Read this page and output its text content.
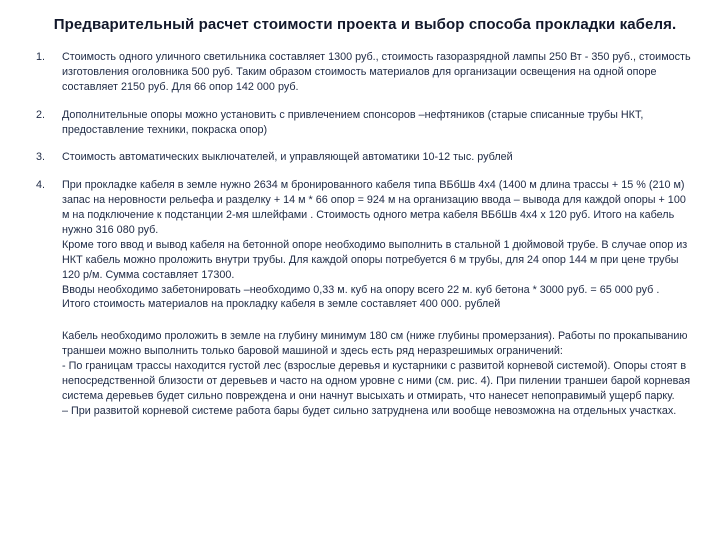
Предварительный расчет стоимости проекта и выбор способа прокладки кабеля.
1.	Стоимость одного уличного светильника составляет 1300 руб., стоимость газоразрядной лампы 250 Вт - 350 руб., стоимость изготовления оголовника 500 руб. Таким образом стоимость материалов для организации освещения на одной опоре составляет 2150 руб. Для 66 опор 142 000 руб.

2.	Дополнительные опоры можно установить с привлечением спонсоров –нефтяников (старые списанные трубы НКТ, предоставление техники, покраска опор)

3.	Стоимость автоматических выключателей, и управляющей автоматики 10-12 тыс. рублей

4.	При прокладке кабеля в земле нужно 2634 м бронированного кабеля типа ВБбШв 4х4 (1400 м длина трассы + 15 % (210 м) запас на неровности рельефа и разделку + 14 м * 66 опор = 924 м на организацию ввода – вывода для каждой опоры + 100 м на подключение к подстанции 2-мя шлейфами . Стоимость одного метра кабеля ВБбШв 4х4 х 120 руб. Итого на кабель нужно 316 080 руб.

Кроме того ввод и вывод кабеля на бетонной опоре необходимо выполнить в стальной 1 дюймовой трубе. В случае опор из НКТ кабель можно проложить внутри трубы. Для каждой опоры потребуется 6 м трубы, для 24 опор 144 м при цене трубы 120 р/м. Сумма составляет 17300.

Вводы необходимо забетонировать –необходимо 0,33 м. куб на опору всего 22 м. куб бетона * 3000 руб. = 65 000 руб .

Итого стоимость материалов на прокладку кабеля в земле составляет 400 000. рублей

Кабель необходимо проложить в земле на глубину минимум 180 см (ниже глубины промерзания). Работы по прокапыванию траншеи можно выполнить только баровой машиной и здесь есть ряд неразрешимых ограничений:

- По границам трассы находится густой лес (взрослые деревья и кустарники с развитой корневой системой). Опоры стоят в непосредственной близости от деревьев и часто на одном уровне с ними (см. рис. 4). При пилении траншеи барой корневая система деревьев будет сильно повреждена и они начнут высыхать и отмирать, что нанесет непоправимый ущерб парку.

– При развитой корневой системе работа бары будет сильно затруднена или вообще невозможна на отдельных участках.
